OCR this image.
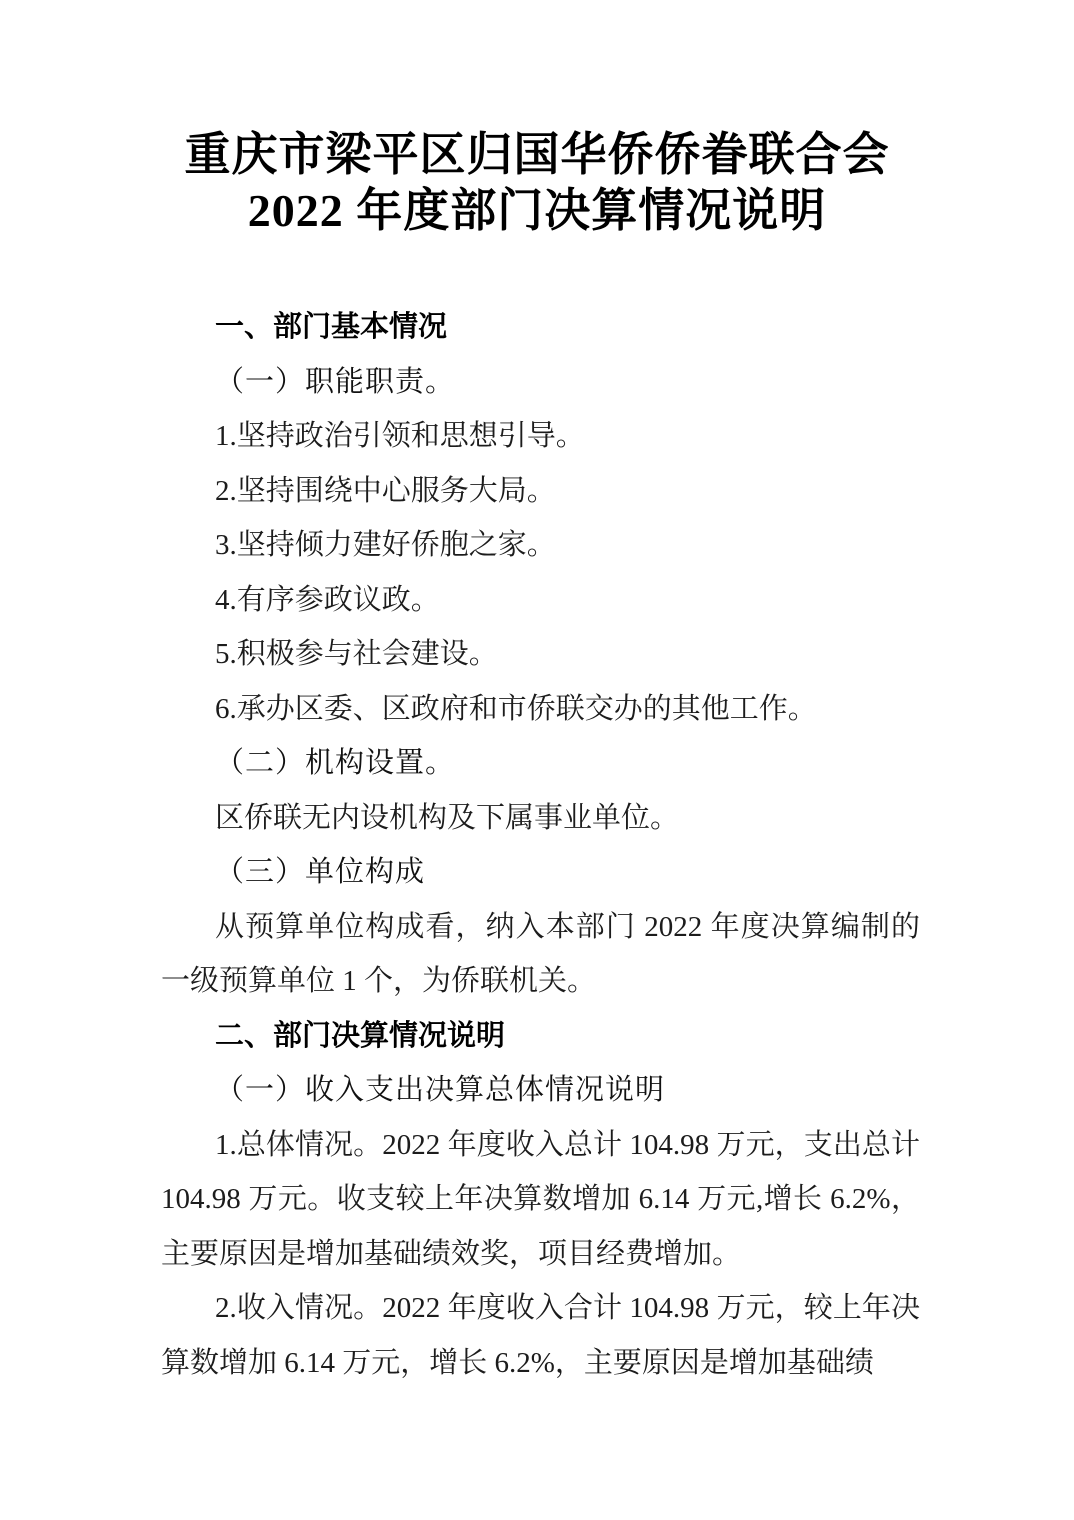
重庆市梁平区归国华侨侨眷联合会
2022 年度部门决算情况说明

一、部门基本情况

（一）职能职责。

1.坚持政治引领和思想引导。

2.坚持围绕中心服务大局。

3.坚持倾力建好侨胞之家。

4.有序参政议政。

5.积极参与社会建设。

6.承办区委、区政府和市侨联交办的其他工作。

（二）机构设置。

区侨联无内设机构及下属事业单位。

（三）单位构成

从预算单位构成看，纳入本部门 2022 年度决算编制的一级预算单位 1 个，为侨联机关。

二、部门决算情况说明

（一）收入支出决算总体情况说明

1.总体情况。2022 年度收入总计 104.98 万元，支出总计 104.98 万元。收支较上年决算数增加 6.14 万元,增长 6.2%，主要原因是增加基础绩效奖，项目经费增加。

2.收入情况。2022 年度收入合计 104.98 万元，较上年决算数增加 6.14 万元，增长 6.2%，主要原因是增加基础绩
